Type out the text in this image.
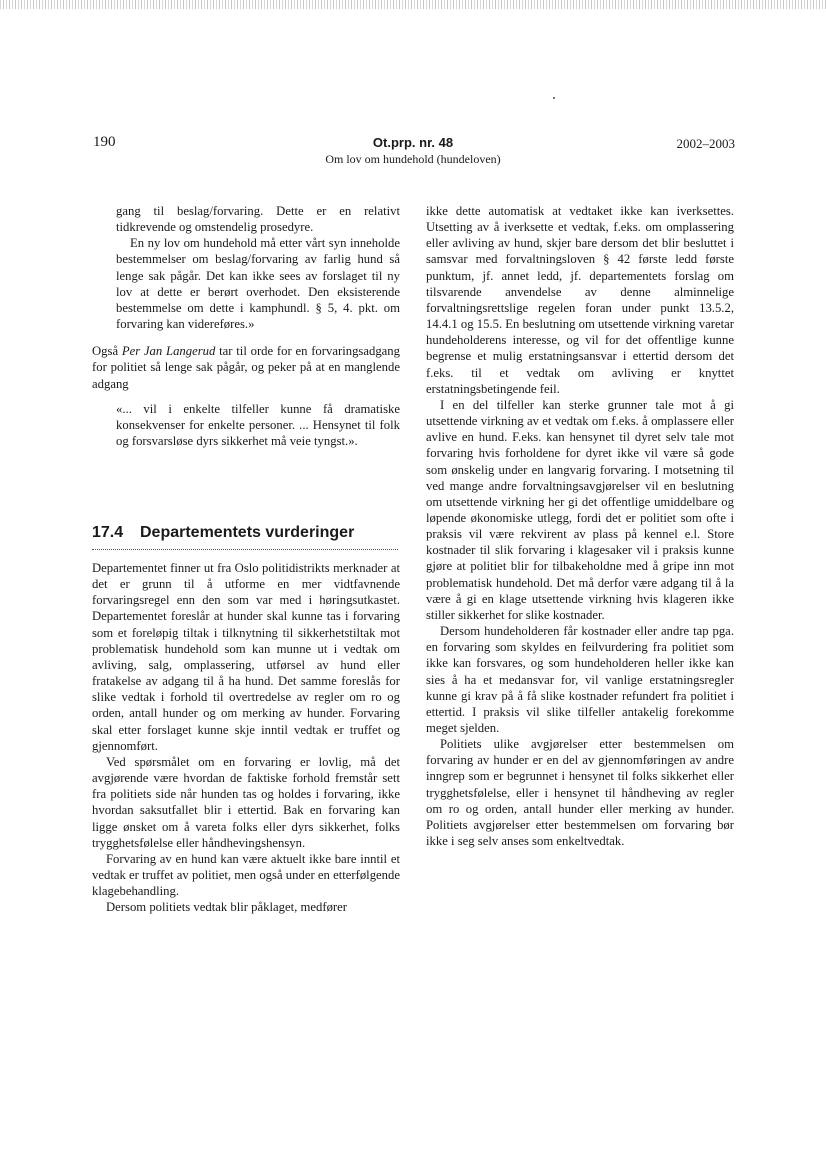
190	Ot.prp. nr. 48
Om lov om hundehold (hundeloven)
2002–2003

gang til beslag/forvaring. Dette er en relativt tidkrevende og omstendelig prosedyre.

En ny lov om hundehold må etter vårt syn inneholde bestemmelser om beslag/forvaring av farlig hund så lenge sak pågår. Det kan ikke sees av forslaget til ny lov at dette er berørt overhodet. Den eksisterende bestemmelse om dette i kamphundl. § 5, 4. pkt. om forvaring kan videreføres.»

Også Per Jan Langerud tar til orde for en forvaringsadgang for politiet så lenge sak pågår, og peker på at en manglende adgang

«... vil i enkelte tilfeller kunne få dramatiske konsekvenser for enkelte personer. ... Hensynet til folk og forsvarsløse dyrs sikkerhet må veie tyngst.».

17.4 Departementets vurderinger

Departementet finner ut fra Oslo politidistrikts merknader at det er grunn til å utforme en mer vidtfavnende forvaringsregel enn den som var med i høringsutkastet. Departementet foreslår at hunder skal kunne tas i forvaring som et foreløpig tiltak i tilknytning til sikkerhetstiltak mot problematisk hundehold som kan munne ut i vedtak om avliving, salg, omplassering, utførsel av hund eller fratakelse av adgang til å ha hund. Det samme foreslås for slike vedtak i forhold til overtredelse av regler om ro og orden, antall hunder og om merking av hunder. Forvaring skal etter forslaget kunne skje inntil vedtak er truffet og gjennomført.

Ved spørsmålet om en forvaring er lovlig, må det avgjørende være hvordan de faktiske forhold fremstår sett fra politiets side når hunden tas og holdes i forvaring, ikke hvordan saksutfallet blir i ettertid. Bak en forvaring kan ligge ønsket om å vareta folks eller dyrs sikkerhet, folks trygghetsfølelse eller håndhevingshensyn.

Forvaring av en hund kan være aktuelt ikke bare inntil et vedtak er truffet av politiet, men også under en etterfølgende klagebehandling.

Dersom politiets vedtak blir påklaget, medfører

ikke dette automatisk at vedtaket ikke kan iverksettes. Utsetting av å iverksette et vedtak, f.eks. om omplassering eller avliving av hund, skjer bare dersom det blir besluttet i samsvar med forvaltningsloven § 42 første ledd første punktum, jf. annet ledd, jf. departementets forslag om tilsvarende anvendelse av denne alminnelige forvaltningsrettslige regelen foran under punkt 13.5.2, 14.4.1 og 15.5. En beslutning om utsettende virkning varetar hundeholderens interesse, og vil for det offentlige kunne begrense et mulig erstatningsansvar i ettertid dersom det f.eks. til et vedtak om avliving er knyttet erstatningsbetingende feil.

I en del tilfeller kan sterke grunner tale mot å gi utsettende virkning av et vedtak om f.eks. å omplassere eller avlive en hund. F.eks. kan hensynet til dyret selv tale mot forvaring hvis forholdene for dyret ikke vil være så gode som ønskelig under en langvarig forvaring. I motsetning til ved mange andre forvaltningsavgjørelser vil en beslutning om utsettende virkning her gi det offentlige umiddelbare og løpende økonomiske utlegg, fordi det er politiet som ofte i praksis vil være rekvirent av plass på kennel e.l. Store kostnader til slik forvaring i klagesaker vil i praksis kunne gjøre at politiet blir for tilbakeholdne med å gripe inn mot problematisk hundehold. Det må derfor være adgang til å la være å gi en klage utsettende virkning hvis klageren ikke stiller sikkerhet for slike kostnader.

Dersom hundeholderen får kostnader eller andre tap pga. en forvaring som skyldes en feilvurdering fra politiet som ikke kan forsvares, og som hundeholderen heller ikke kan sies å ha et medansvar for, vil vanlige erstatningsregler kunne gi krav på å få slike kostnader refundert fra politiet i ettertid. I praksis vil slike tilfeller antakelig forekomme meget sjelden.

Politiets ulike avgjørelser etter bestemmelsen om forvaring av hunder er en del av gjennomføringen av andre inngrep som er begrunnet i hensynet til folks sikkerhet eller trygghetsfølelse, eller i hensynet til håndheving av regler om ro og orden, antall hunder eller merking av hunder. Politiets avgjørelser etter bestemmelsen om forvaring bør ikke i seg selv anses som enkeltvedtak.
